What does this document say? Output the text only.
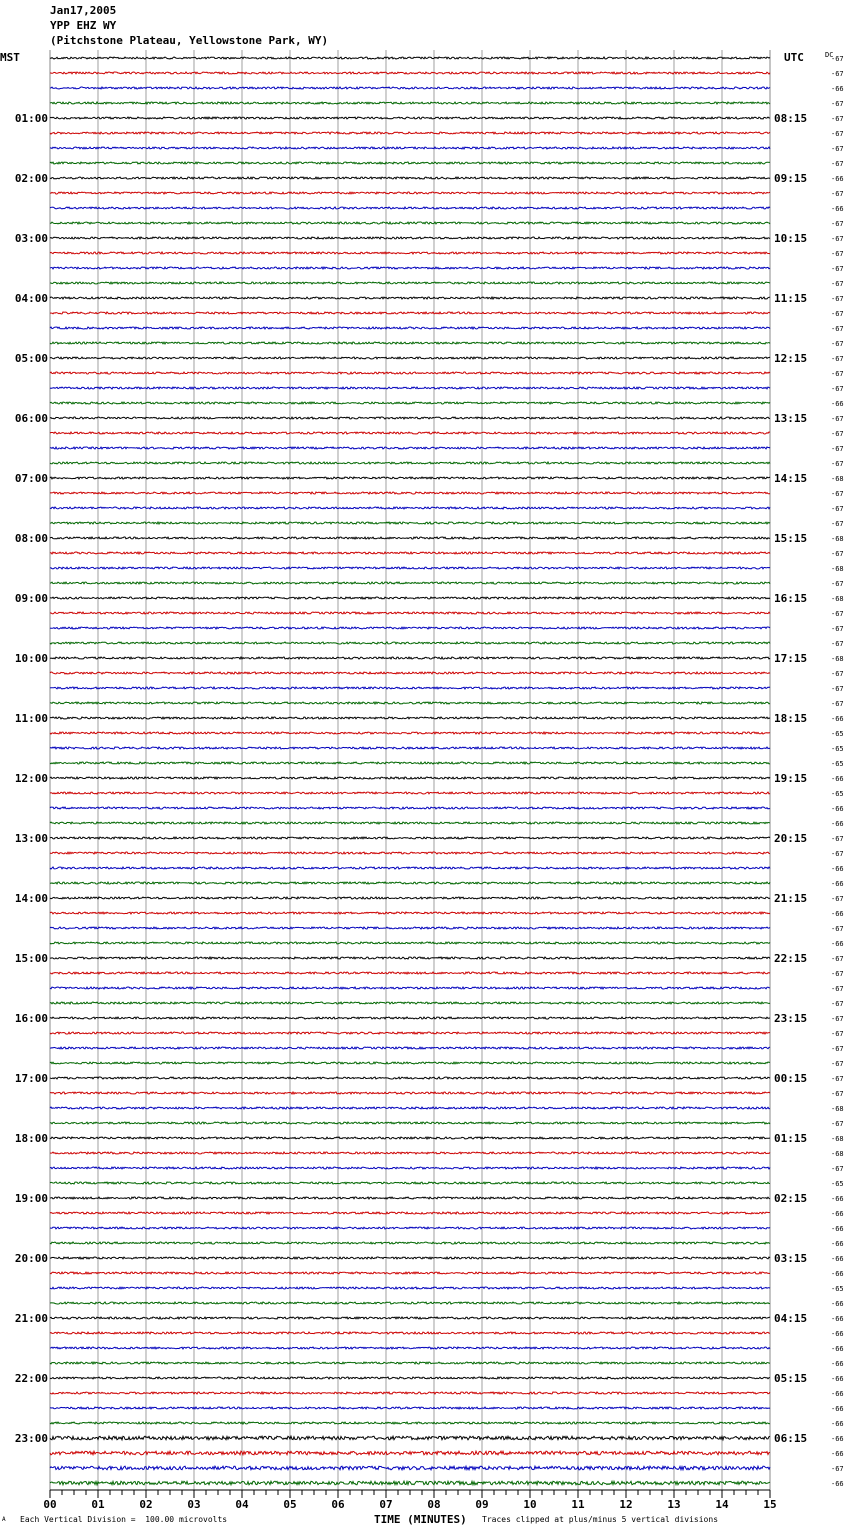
Jan17,2005
YPP EHZ WY
(Pitchstone Plateau, Yellowstone Park, WY)
00	01	02	03	04	05	06	07	08	09	10	11	12	13	14	15
-67
-67
-66
-67
-67
-67
-67
-67
-66
-67
-66
-67
-67
-67
-67
-67
-67
-67
-67
-67
-67
-67
-67
-66
-67
-67
-67
-67
-68
-67
-67
-67
-68
-67
-68
-67
-68
-67
-67
-67
-68
-67
-67
-67
-66
-65
-65
-65
-66
-65
-66
-66
-67
-67
-66
-66
-67
-66
-67
-66
-67
-67
-67
-67
-67
-67
-67
-67
-67
-67
-68
-67
-68
-68
-67
-65
-66
-66
-66
-66
-66
-66
-65
-66
-66
-66
-66
-66
-66
-66
-66
-66
-66
-66
-67
-66
01:00
02:00
03:00
04:00
05:00
06:00
07:00
08:00
09:00
10:00
11:00
12:00
13:00
14:00
15:00
16:00
17:00
18:00
19:00
20:00
21:00
22:00
23:00
08:15
09:15
10:15
11:15
12:15
13:15
14:15
15:15
16:15
17:15
18:15
19:15
20:15
21:15
22:15
23:15
00:15
01:15
02:15
03:15
04:15
05:15
06:15
MST	UTC	DC
TIME (MINUTES)
A Each Vertical Division =  100.00 microvolts	Traces clipped at plus/minus 5 vertical divisions
